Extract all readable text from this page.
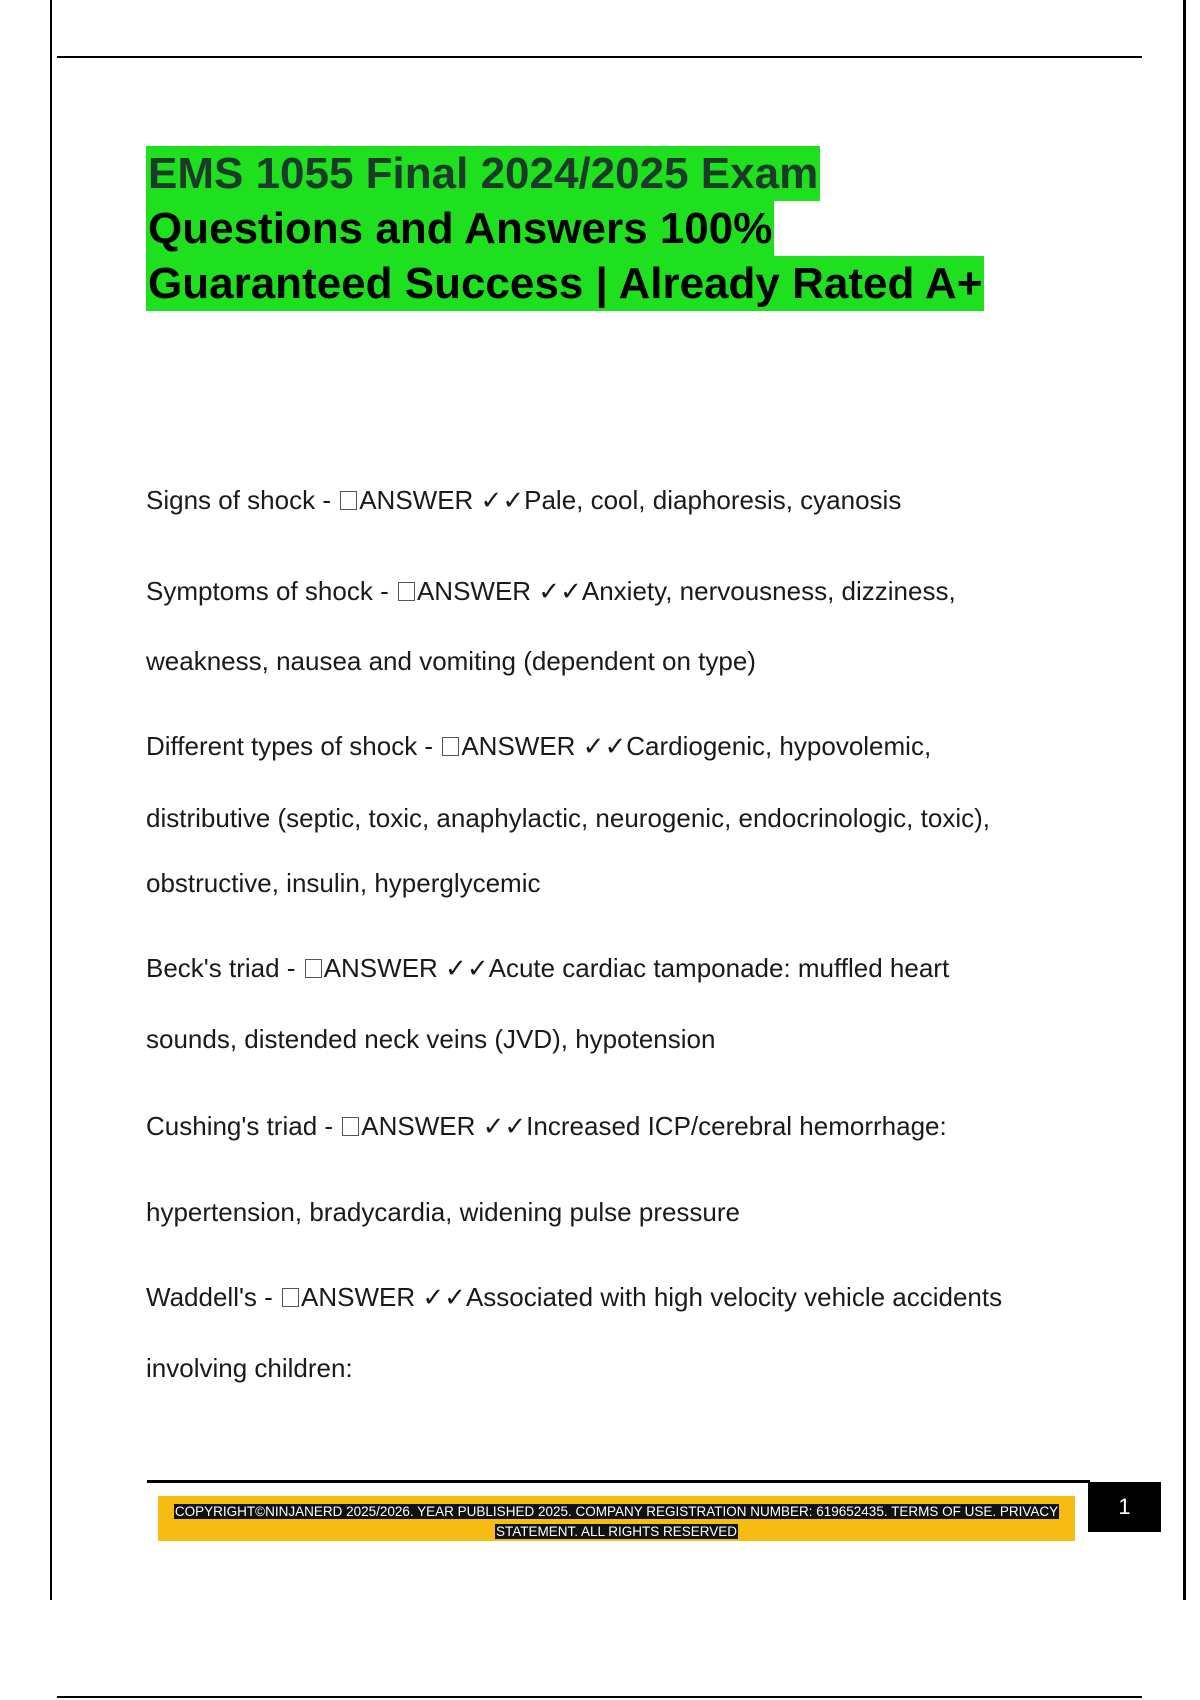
EMS 1055 Final 2024/2025 Exam
Questions and Answers 100%
Guaranteed Success | Already Rated A+
Signs of shock - ANSWER ✓✓Pale, cool, diaphoresis, cyanosis
Symptoms of shock - ANSWER ✓✓Anxiety, nervousness, dizziness,
weakness, nausea and vomiting (dependent on type)
Different types of shock - ANSWER ✓✓Cardiogenic, hypovolemic,
distributive (septic, toxic, anaphylactic, neurogenic, endocrinologic, toxic),
obstructive, insulin, hyperglycemic
Beck's triad - ANSWER ✓✓Acute cardiac tamponade: muffled heart
sounds, distended neck veins (JVD), hypotension
Cushing's triad - ANSWER ✓✓Increased ICP/cerebral hemorrhage:
hypertension, bradycardia, widening pulse pressure
Waddell's - ANSWER ✓✓Associated with high velocity vehicle accidents
involving children:
COPYRIGHT©NINJANERD 2025/2026. YEAR PUBLISHED 2025. COMPANY REGISTRATION NUMBER: 619652435. TERMS OF USE. PRIVACY
STATEMENT. ALL RIGHTS RESERVED
1
